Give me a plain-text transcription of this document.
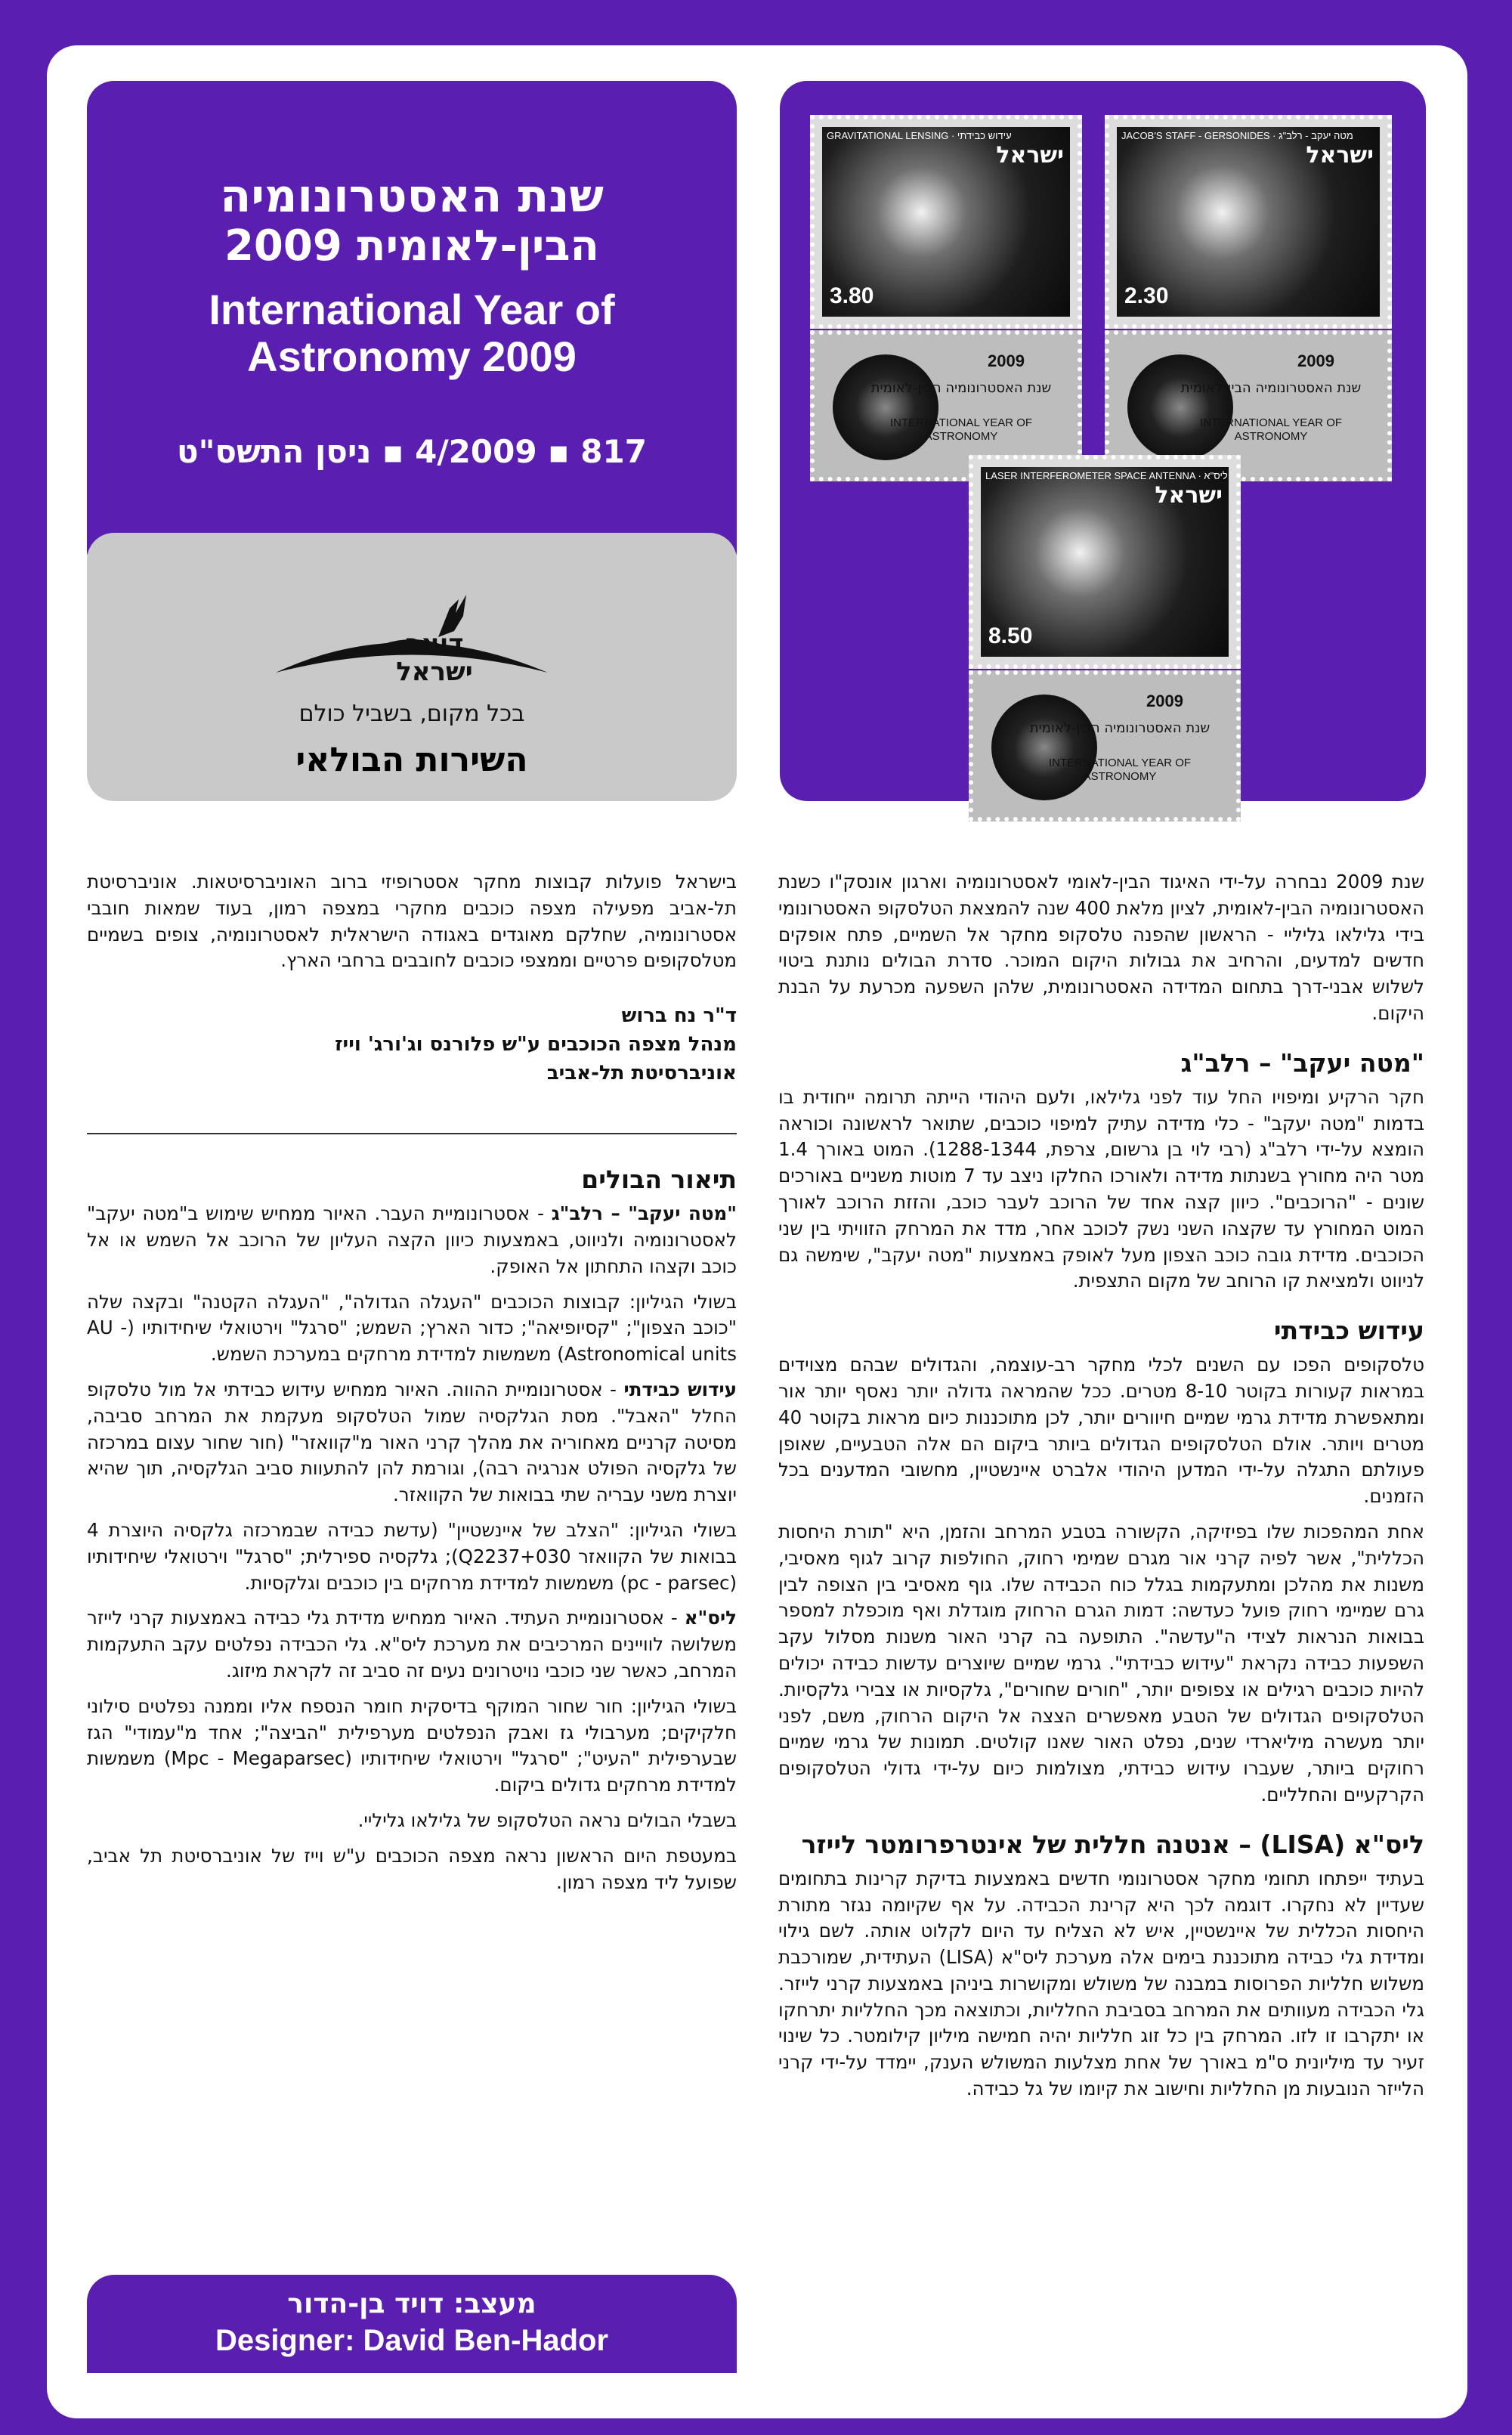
שנת האסטרונומיה
הבין-לאומית 2009
International Year of
Astronomy 2009
817 ▪ 4/2009 ▪ ניסן התשס"ט
דואר
ישראל
בכל מקום, בשביל כולם
השירות הבולאי
GRAVITATIONAL LENSING · עידוש כבידתי
ישראל
3.80
2009
שנת האסטרונומיה הבין-לאומית
INTERNATIONAL YEAR OF ASTRONOMY
JACOB'S STAFF - GERSONIDES · מטה יעקב - רלב"ג
ישראל
2.30
2009
שנת האסטרונומיה הבין-לאומית
INTERNATIONAL YEAR OF ASTRONOMY
LASER INTERFEROMETER SPACE ANTENNA · ליס"א
ישראל
8.50
2009
שנת האסטרונומיה הבין-לאומית
INTERNATIONAL YEAR OF ASTRONOMY

שנת 2009 נבחרה על-ידי האיגוד הבין-לאומי לאסטרונומיה וארגון אונסק"ו כשנת האסטרונומיה הבין-לאומית, לציון מלאת 400 שנה להמצאת הטלסקופ האסטרונומי בידי גלילאו גליליי - הראשון שהפנה טלסקופ מחקר אל השמיים, פתח אופקים חדשים למדעים, והרחיב את גבולות היקום המוכר. סדרת הבולים נותנת ביטוי לשלוש אבני-דרך בתחום המדידה האסטרונומית, שלהן השפעה מכרעת על הבנת היקום.

"מטה יעקב" – רלב"ג

חקר הרקיע ומיפויו החל עוד לפני גלילאו, ולעם היהודי הייתה תרומה ייחודית בו בדמות "מטה יעקב" - כלי מדידה עתיק למיפוי כוכבים, שתואר לראשונה וכוראה הומצא על-ידי רלב"ג (רבי לוי בן גרשום, צרפת, 1288-1344). המוט באורך 1.4 מטר היה מחורץ בשנתות מדידה ולאורכו החלקו ניצב עד 7 מוטות משניים באורכים שונים - "הרוכבים". כיוון קצה אחד של הרוכב לעבר כוכב, והזזת הרוכב לאורך המוט המחורץ עד שקצהו השני נשק לכוכב אחר, מדד את המרחק הזוויתי בין שני הכוכבים. מדידת גובה כוכב הצפון מעל לאופק באמצעות "מטה יעקב", שימשה גם לניווט ולמציאת קו הרוחב של מקום התצפית.

עידוש כבידתי

טלסקופים הפכו עם השנים לכלי מחקר רב-עוצמה, והגדולים שבהם מצוידים במראות קעורות בקוטר 8-10 מטרים. ככל שהמראה גדולה יותר נאסף יותר אור ומתאפשרת מדידת גרמי שמיים חיוורים יותר, לכן מתוכננות כיום מראות בקוטר 40 מטרים ויותר. אולם הטלסקופים הגדולים ביותר ביקום הם אלה הטבעיים, שאופן פעולתם התגלה על-ידי המדען היהודי אלברט איינשטיין, מחשובי המדענים בכל הזמנים.

אחת המהפכות שלו בפיזיקה, הקשורה בטבע המרחב והזמן, היא "תורת היחסות הכללית", אשר לפיה קרני אור מגרם שמימי רחוק, החולפות קרוב לגוף מאסיבי, משנות את מהלכן ומתעקמות בגלל כוח הכבידה שלו. גוף מאסיבי בין הצופה לבין גרם שמיימי רחוק פועל כעדשה: דמות הגרם הרחוק מוגדלת ואף מוכפלת למספר בבואות הנראות לצידי ה"עדשה". התופעה בה קרני האור משנות מסלול עקב השפעות כבידה נקראת "עידוש כבידתי". גרמי שמיים שיוצרים עדשות כבידה יכולים להיות כוכבים רגילים או צפופים יותר, "חורים שחורים", גלקסיות או צבירי גלקסיות. הטלסקופים הגדולים של הטבע מאפשרים הצצה אל היקום הרחוק, משם, לפני יותר מעשרה מיליארדי שנים, נפלט האור שאנו קולטים. תמונות של גרמי שמיים רחוקים ביותר, שעברו עידוש כבידתי, מצולמות כיום על-ידי גדולי הטלסקופים הקרקעיים והחלליים.

ליס"א (LISA) – אנטנה חללית של אינטרפרומטר לייזר

בעתיד ייפתחו תחומי מחקר אסטרונומי חדשים באמצעות בדיקת קרינות בתחומים שעדיין לא נחקרו. דוגמה לכך היא קרינת הכבידה. על אף שקיומה נגזר מתורת היחסות הכללית של איינשטיין, איש לא הצליח עד היום לקלוט אותה. לשם גילוי ומדידת גלי כבידה מתוכננת בימים אלה מערכת ליס"א (LISA) העתידית, שמורכבת משלוש חלליות הפרוסות במבנה של משולש ומקושרות ביניהן באמצעות קרני לייזר. גלי הכבידה מעוותים את המרחב בסביבת החלליות, וכתוצאה מכך החלליות יתרחקו או יתקרבו זו לזו. המרחק בין כל זוג חלליות יהיה חמישה מיליון קילומטר. כל שינוי זעיר עד מיליונית ס"מ באורך של אחת מצלעות המשולש הענק, יימדד על-ידי קרני הלייזר הנובעות מן החלליות וחישוב את קיומו של גל כבידה.

בישראל פועלות קבוצות מחקר אסטרופיזי ברוב האוניברסיטאות. אוניברסיטת תל-אביב מפעילה מצפה כוכבים מחקרי במצפה רמון, בעוד שמאות חובבי אסטרונומיה, שחלקם מאוגדים באגודה הישראלית לאסטרונומיה, צופים בשמיים מטלסקופים פרטיים וממצפי כוכבים לחובבים ברחבי הארץ.

ד"ר נח ברוש
מנהל מצפה הכוכבים ע"ש פלורנס וג'ורג' וייז
אוניברסיטת תל-אביב
תיאור הבולים

"מטה יעקב" – רלב"ג - אסטרונומיית העבר. האיור ממחיש שימוש ב"מטה יעקב" לאסטרונומיה ולניווט, באמצעות כיוון הקצה העליון של הרוכב אל השמש או אל כוכב וקצהו התחתון אל האופק.

בשולי הגיליון: קבוצות הכוכבים "העגלה הגדולה", "העגלה הקטנה" ובקצה שלה "כוכב הצפון"; "קסיופיאה"; כדור הארץ; השמש; "סרגל" וירטואלי שיחידותיו (AU - Astronomical units) משמשות למדידת מרחקים במערכת השמש.

עידוש כבידתי - אסטרונומיית ההווה. האיור ממחיש עידוש כבידתי אל מול טלסקופ החלל "האבל". מסת הגלקסיה שמול הטלסקופ מעקמת את המרחב סביבה, מסיטה קרניים מאחוריה את מהלך קרני האור מ"קוואזר" (חור שחור עצום במרכזה של גלקסיה הפולט אנרגיה רבה), וגורמת להן להתעוות סביב הגלקסיה, תוך שהיא יוצרת משני עבריה שתי בבואות של הקוואזר.

בשולי הגיליון: "הצלב של איינשטיין" (עדשת כבידה שבמרכזה גלקסיה היוצרת 4 בבואות של הקוואזר Q2237+030); גלקסיה ספירלית; "סרגל" וירטואלי שיחידותיו (pc - parsec) משמשות למדידת מרחקים בין כוכבים וגלקסיות.

ליס"א - אסטרונומיית העתיד. האיור ממחיש מדידת גלי כבידה באמצעות קרני לייזר משלושה לוויינים המרכיבים את מערכת ליס"א. גלי הכבידה נפלטים עקב התעקמות המרחב, כאשר שני כוכבי נויטרונים נעים זה סביב זה לקראת מיזוג.

בשולי הגיליון: חור שחור המוקף בדיסקית חומר הנספח אליו וממנה נפלטים סילוני חלקיקים; מערבולי גז ואבק הנפלטים מערפילית "הביצה"; אחד מ"עמודי" הגז שבערפילית "העיט"; "סרגל" וירטואלי שיחידותיו (Mpc - Megaparsec) משמשות למדידת מרחקים גדולים ביקום.

בשבלי הבולים נראה הטלסקופ של גלילאו גליליי.

במעטפת היום הראשון נראה מצפה הכוכבים ע"ש וייז של אוניברסיטת תל אביב, שפועל ליד מצפה רמון.

מעצב: דויד בן-הדור
Designer: David Ben-Hador
